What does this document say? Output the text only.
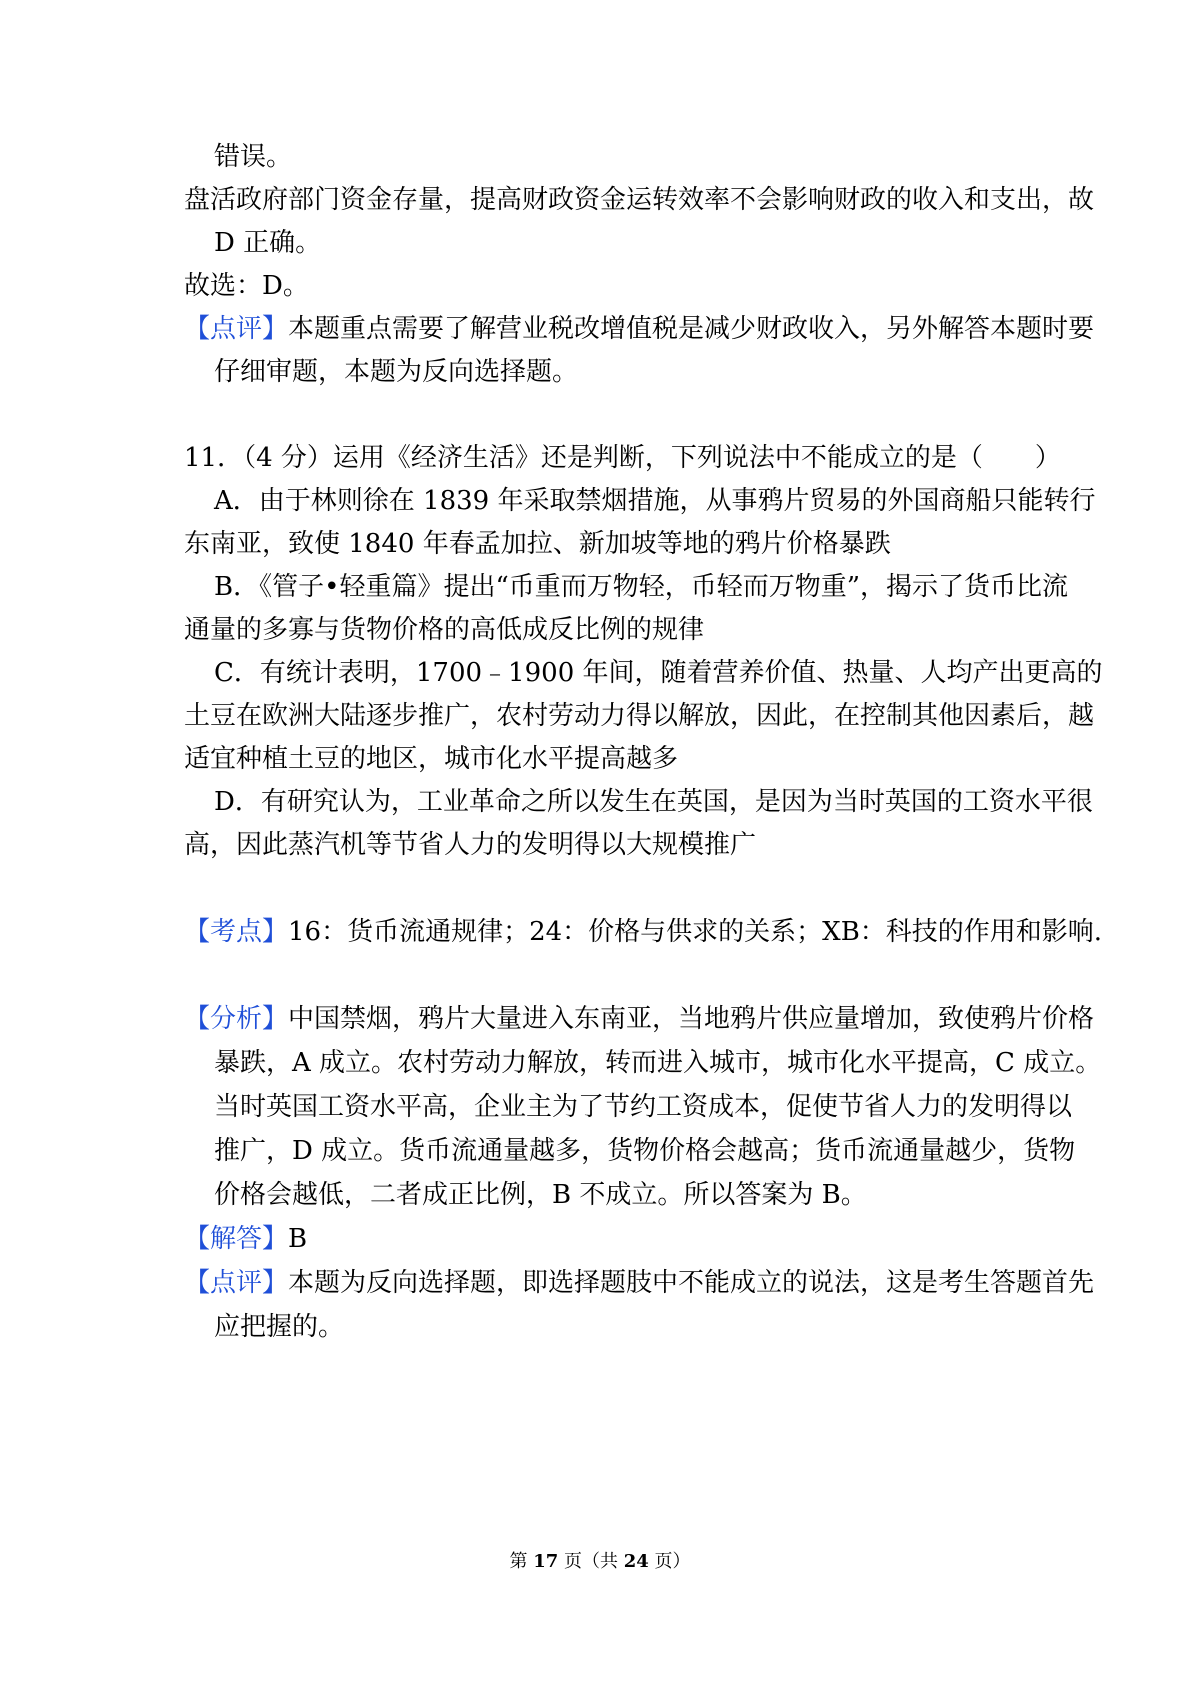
错误。

盘活政府部门资金存量，提高财政资金运转效率不会影响财政的收入和支出，故

D 正确。

故选：D。

【点评】本题重点需要了解营业税改增值税是减少财政收入，另外解答本题时要

仔细审题，本题为反向选择题。

11．（4 分）运用《经济生活》还是判断，下列说法中不能成立的是（　　）

A．由于林则徐在 1839 年采取禁烟措施，从事鸦片贸易的外国商船只能转行

东南亚，致使 1840 年春孟加拉、新加坡等地的鸦片价格暴跌

B．《管子•轻重篇》提出“币重而万物轻，币轻而万物重”，揭示了货币比流

通量的多寡与货物价格的高低成反比例的规律

C．有统计表明，1700﹣1900 年间，随着营养价值、热量、人均产出更高的

土豆在欧洲大陆逐步推广，农村劳动力得以解放，因此，在控制其他因素后，越

适宜种植土豆的地区，城市化水平提高越多

D．有研究认为，工业革命之所以发生在英国，是因为当时英国的工资水平很

高，因此蒸汽机等节省人力的发明得以大规模推广

【考点】16：货币流通规律；24：价格与供求的关系；XB：科技的作用和影响.

【分析】中国禁烟，鸦片大量进入东南亚，当地鸦片供应量增加，致使鸦片价格

暴跌，A 成立。农村劳动力解放，转而进入城市，城市化水平提高，C 成立。

当时英国工资水平高，企业主为了节约工资成本，促使节省人力的发明得以

推广，D 成立。货币流通量越多，货物价格会越高；货币流通量越少，货物

价格会越低，二者成正比例，B 不成立。所以答案为 B。

【解答】B

【点评】本题为反向选择题，即选择题肢中不能成立的说法，这是考生答题首先

应把握的。

第 17 页（共 24 页）
